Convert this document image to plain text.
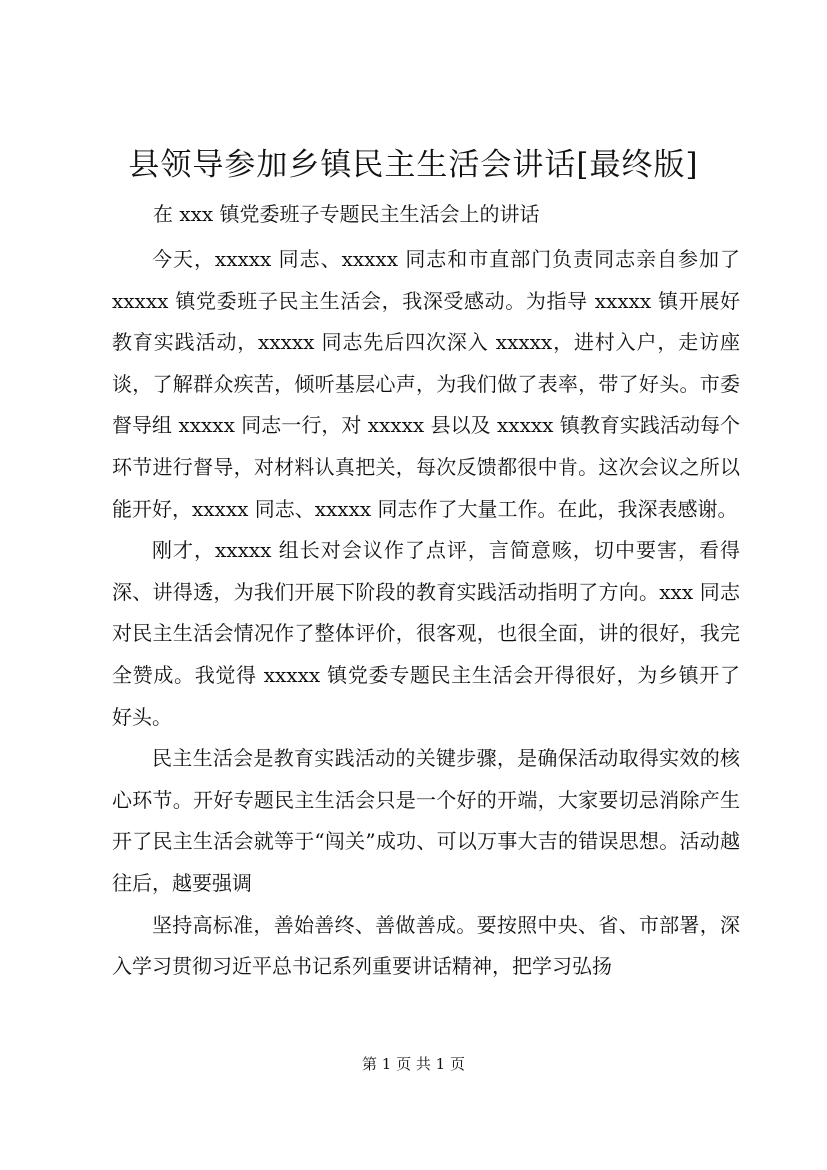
县领导参加乡镇民主生活会讲话[最终版]

在 xxx 镇党委班子专题民主生活会上的讲话

今天，xxxxx 同志、xxxxx 同志和市直部门负责同志亲自参加了 xxxxx 镇党委班子民主生活会，我深受感动。为指导 xxxxx 镇开展好教育实践活动，xxxxx 同志先后四次深入 xxxxx，进村入户，走访座谈，了解群众疾苦，倾听基层心声，为我们做了表率，带了好头。市委督导组 xxxxx 同志一行，对 xxxxx 县以及 xxxxx 镇教育实践活动每个环节进行督导，对材料认真把关，每次反馈都很中肯。这次会议之所以能开好，xxxxx 同志、xxxxx 同志作了大量工作。在此，我深表感谢。

刚才，xxxxx 组长对会议作了点评，言简意赅，切中要害，看得深、讲得透，为我们开展下阶段的教育实践活动指明了方向。xxx 同志对民主生活会情况作了整体评价，很客观，也很全面，讲的很好，我完全赞成。我觉得 xxxxx 镇党委专题民主生活会开得很好，为乡镇开了好头。

民主生活会是教育实践活动的关键步骤，是确保活动取得实效的核心环节。开好专题民主生活会只是一个好的开端，大家要切忌消除产生开了民主生活会就等于“闯关”成功、可以万事大吉的错误思想。活动越往后，越要强调

坚持高标准，善始善终、善做善成。要按照中央、省、市部署，深入学习贯彻习近平总书记系列重要讲话精神，把学习弘扬

第 1 页 共 1 页
